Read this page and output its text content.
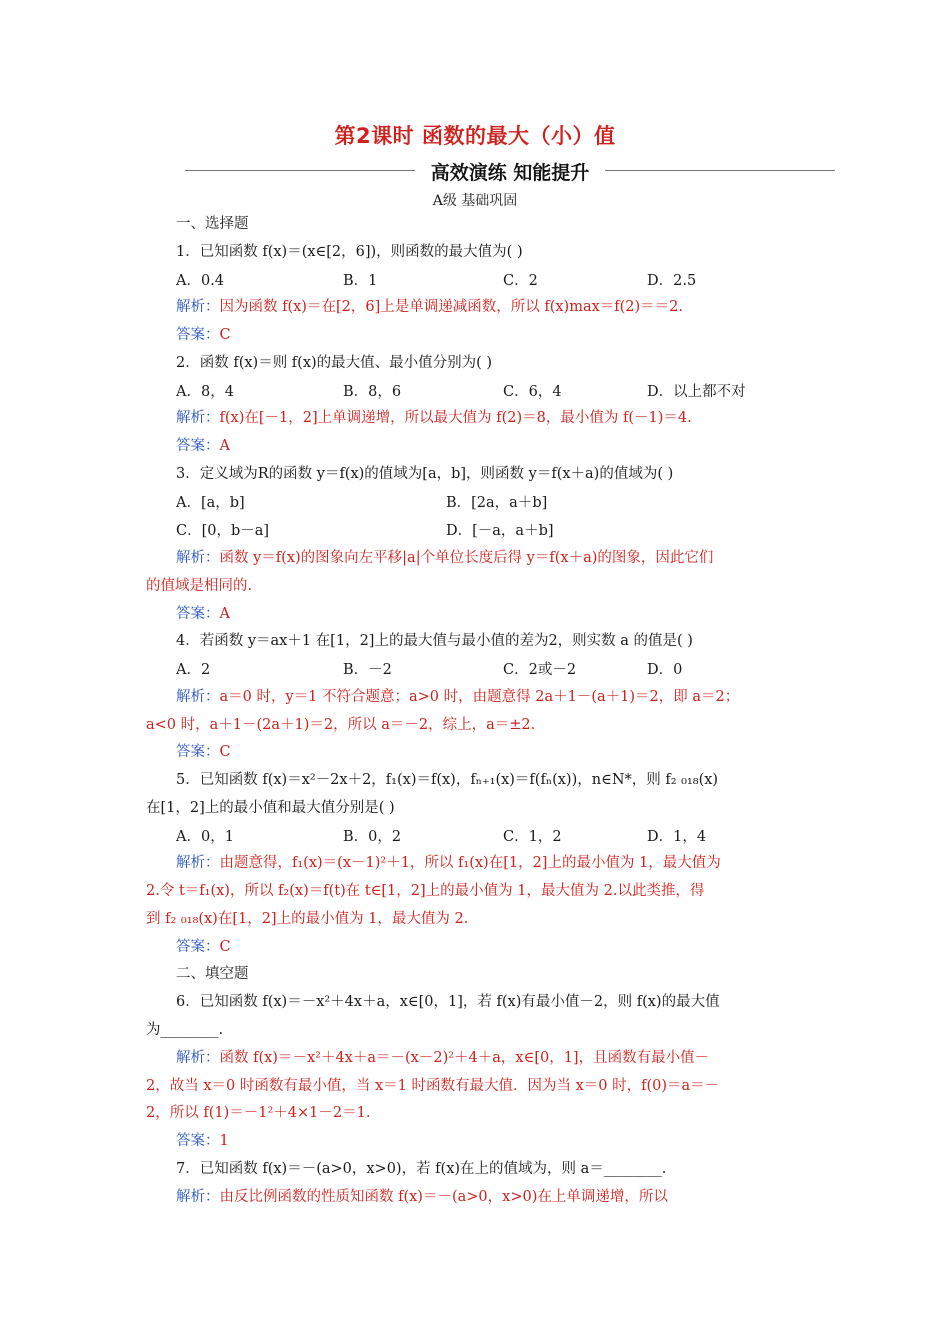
第2课时 函数的最大（小）值
高效演练 知能提升
A级 基础巩固
一、选择题
1．已知函数 f(x)＝(x∈[2，6])，则函数的最大值为( )
A．0.4	B．1	C．2	D．2.5
解析：因为函数 f(x)＝在[2，6]上是单调递减函数，所以 f(x)max＝f(2)＝＝2.
答案：C
2．函数 f(x)＝则 f(x)的最大值、最小值分别为( )
A．8，4	B．8，6	C．6，4	D．以上都不对
解析：f(x)在[－1，2]上单调递增，所以最大值为 f(2)＝8，最小值为 f(－1)＝4.
答案：A
3．定义域为R的函数 y＝f(x)的值域为[a，b]，则函数 y＝f(x＋a)的值域为( )
A．[a，b]	B．[2a，a＋b]
C．[0，b－a]	D．[－a，a＋b]
解析：函数 y＝f(x)的图象向左平移|a|个单位长度后得 y＝f(x＋a)的图象，因此它们
的值域是相同的.
答案：A
4．若函数 y＝ax＋1 在[1，2]上的最大值与最小值的差为2，则实数 a 的值是( )
A．2	B．－2	C．2或－2	D．0
解析：a＝0 时，y＝1 不符合题意；a>0 时，由题意得 2a＋1－(a＋1)＝2，即 a＝2；
a<0 时，a＋1－(2a＋1)＝2，所以 a＝－2，综上，a＝±2.
答案：C
5．已知函数 f(x)＝x²－2x＋2，f₁(x)＝f(x)，fₙ₊₁(x)＝f(fₙ(x))，n∈N*，则 f₂ ₀₁₈(x)
在[1，2]上的最小值和最大值分别是( )
A．0，1	B．0，2	C．1，2	D．1，4
解析：由题意得，f₁(x)＝(x－1)²＋1，所以 f₁(x)在[1，2]上的最小值为 1，最大值为
2.令 t＝f₁(x)，所以 f₂(x)＝f(t)在 t∈[1，2]上的最小值为 1，最大值为 2.以此类推，得
到 f₂ ₀₁₈(x)在[1，2]上的最小值为 1，最大值为 2.
答案：C
二、填空题
6．已知函数 f(x)＝－x²＋4x＋a，x∈[0，1]，若 f(x)有最小值－2，则 f(x)的最大值
为________.
解析：函数 f(x)＝－x²＋4x＋a＝－(x－2)²＋4＋a，x∈[0，1]，且函数有最小值－
2，故当 x＝0 时函数有最小值，当 x＝1 时函数有最大值．因为当 x＝0 时，f(0)＝a＝－
2，所以 f(1)＝－1²＋4×1－2＝1.
答案：1
7．已知函数 f(x)＝－(a>0，x>0)，若 f(x)在上的值域为，则 a＝________.
解析：由反比例函数的性质知函数 f(x)＝－(a>0，x>0)在上单调递增，所以
